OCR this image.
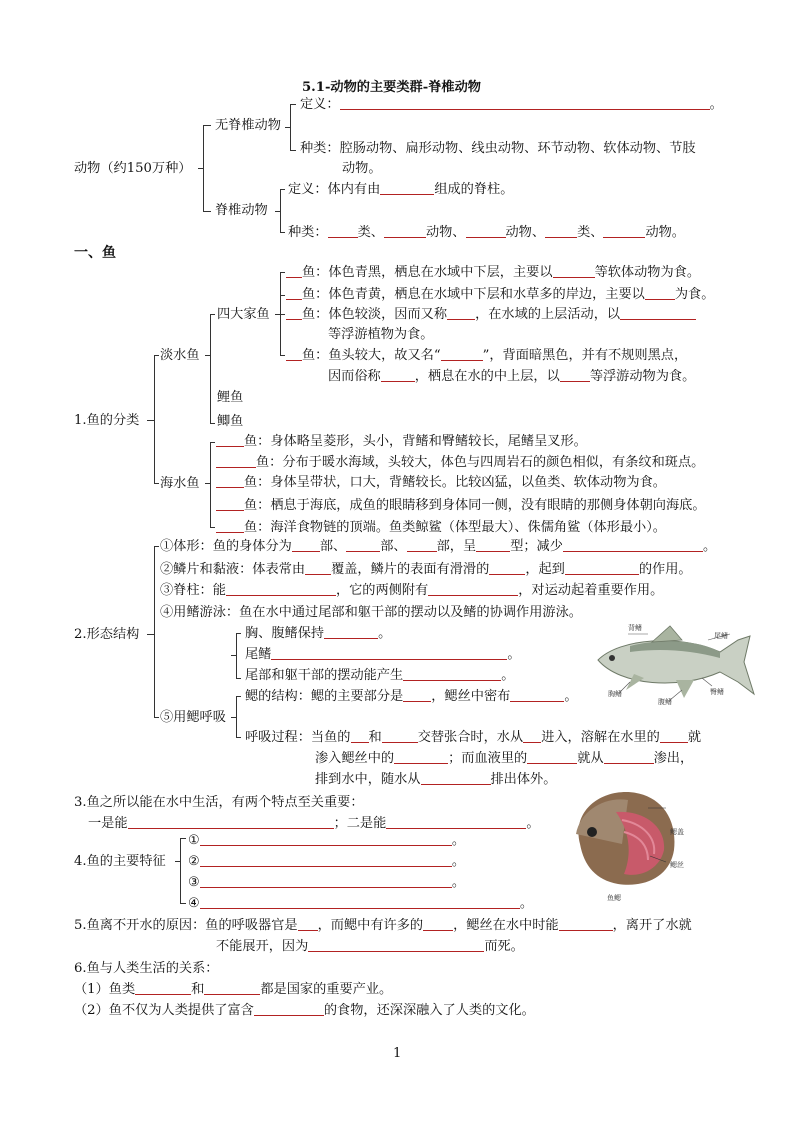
5.1-动物的主要类群-脊椎动物
动物（约150万种）
无脊椎动物
定义：	。
种类：腔肠动物、扁形动物、线虫动物、环节动物、软体动物、节肢
动物。
脊椎动物
定义：体内有由	组成的脊柱。
种类： 类、	动物、	动物、 类、	动物。
一、鱼
1.鱼的分类
淡水鱼
四大家鱼
鱼：体色青黑，栖息在水域中下层，主要以	等软体动物为食。
鱼：体色青黄，栖息在水域中下层和水草多的岸边，主要以 为食。
鱼：体色较淡，因而又称 ，在水域的上层活动，以
等浮游植物为食。
鱼：鱼头较大，故又名“	”，背面暗黑色，并有不规则黑点，
因而俗称	，栖息在水的中上层，以 等浮游动物为食。
鲤鱼
鲫鱼
海水鱼
鱼：身体略呈菱形，头小，背鳍和臀鳍较长，尾鳍呈叉形。
鱼：分布于暖水海域，头较大，体色与四周岩石的颜色相似，有条纹和斑点。
鱼：身体呈带状，口大，背鳍较长。比较凶猛，以鱼类、软体动物为食。
鱼：栖息于海底，成鱼的眼睛移到身体同一侧，没有眼睛的那侧身体朝向海底。
鱼：海洋食物链的顶端。鱼类鲸鲨（体型最大）、侏儒角鲨（体形最小）。
2.形态结构
①体形：鱼的身体分为 部、	部、 部，呈	型；减少	。
②鳞片和黏液：体表常由 覆盖，鳞片的表面有滑滑的	，起到	的作用。
③脊柱：能	，它的两侧附有	，对运动起着重要作用。
④用鳍游泳：鱼在水中通过尾部和躯干部的摆动以及鳍的协调作用游泳。
胸、腹鳍保持	。
尾鳍	。
尾部和躯干部的摆动能产生	。
⑤用鳃呼吸
鳃的结构：鳃的主要部分是 ，鳃丝中密布	。
呼吸过程：当鱼的 和	交替张合时，水从 进入，溶解在水里的 就
渗入鳃丝中的	；而血液里的	就从	渗出，
排到水中，随水从	排出体外。
背鳍
尾鳍
胸鳍
腹鳍
臀鳍
3.鱼之所以能在水中生活，有两个特点至关重要：
一是能	；二是能	。
鳃盖
鳃丝
鱼鳃
4.鱼的主要特征
①	。
②	。
③	。
④	。
5.鱼离不开水的原因：鱼的呼吸器官是 ，而鳃中有许多的 ，鳃丝在水中时能	，离开了水就
不能展开，因为	而死。
6.鱼与人类生活的关系：
（1）鱼类	和	都是国家的重要产业。
（2）鱼不仅为人类提供了富含	的食物，还深深融入了人类的文化。
1
